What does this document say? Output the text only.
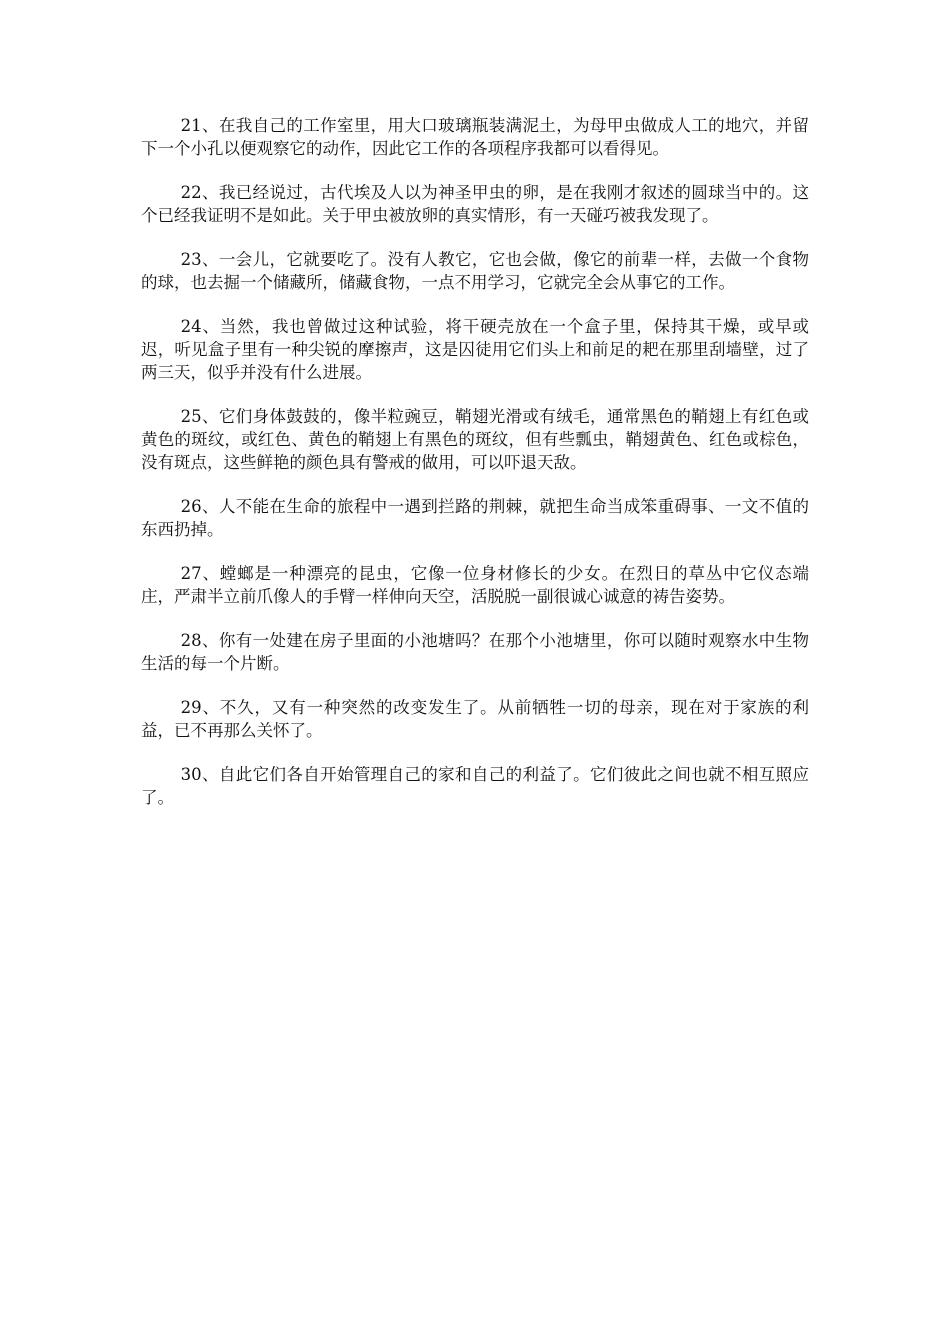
21、在我自己的工作室里，用大口玻璃瓶装满泥土，为母甲虫做成人工的地穴，并留下一个小孔以便观察它的动作，因此它工作的各项程序我都可以看得见。

22、我已经说过，古代埃及人以为神圣甲虫的卵，是在我刚才叙述的圆球当中的。这个已经我证明不是如此。关于甲虫被放卵的真实情形，有一天碰巧被我发现了。

23、一会儿，它就要吃了。没有人教它，它也会做，像它的前辈一样，去做一个食物的球，也去掘一个储藏所，储藏食物，一点不用学习，它就完全会从事它的工作。

24、当然，我也曾做过这种试验，将干硬壳放在一个盒子里，保持其干燥，或早或迟，听见盒子里有一种尖锐的摩擦声，这是囚徒用它们头上和前足的耙在那里刮墙壁，过了两三天，似乎并没有什么进展。

25、它们身体鼓鼓的，像半粒豌豆，鞘翅光滑或有绒毛，通常黑色的鞘翅上有红色或黄色的斑纹，或红色、黄色的鞘翅上有黑色的斑纹，但有些瓢虫，鞘翅黄色、红色或棕色，没有斑点，这些鲜艳的颜色具有警戒的做用，可以吓退天敌。

26、人不能在生命的旅程中一遇到拦路的荆棘，就把生命当成笨重碍事、一文不值的东西扔掉。

27、螳螂是一种漂亮的昆虫，它像一位身材修长的少女。在烈日的草丛中它仪态端庄，严肃半立前爪像人的手臂一样伸向天空，活脱脱一副很诚心诚意的祷告姿势。

28、你有一处建在房子里面的小池塘吗？在那个小池塘里，你可以随时观察水中生物生活的每一个片断。

29、不久，又有一种突然的改变发生了。从前牺牲一切的母亲，现在对于家族的利益，已不再那么关怀了。

30、自此它们各自开始管理自己的家和自己的利益了。它们彼此之间也就不相互照应了。
